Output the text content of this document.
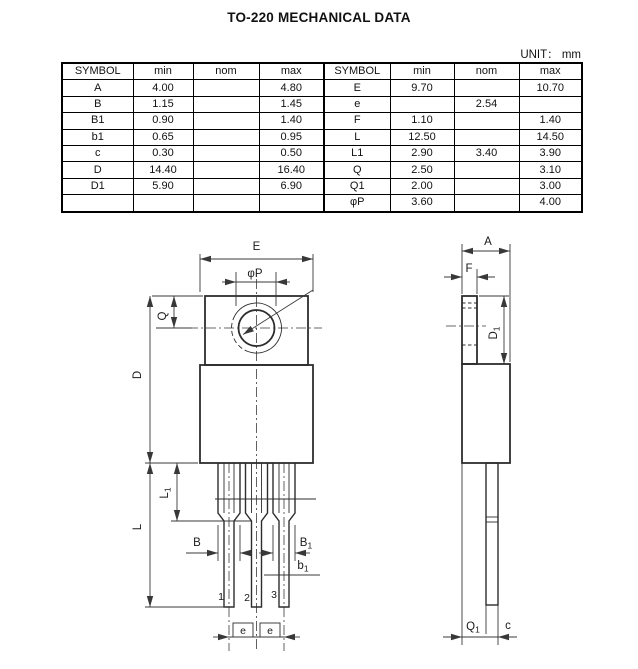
TO-220 MECHANICAL DATA
UNIT： mm
SYMBOL	min	nom	max	SYMBOL	min	nom	max
A	4.00		4.80	E	9.70		10.70
B	1.15		1.45	e		2.54	
B1	0.90		1.40	F	1.10		1.40
b1	0.65		0.95	L	12.50		14.50
c	0.30		0.50	L1	2.90	3.40	3.90
D	14.40		16.40	Q	2.50		3.10
D1	5.90		6.90	Q1	2.00		3.00
				φP	3.60		4.00
E
φP
Q
D
L
$L_1$
B	$B_1$
$b_1$
1 2 3
e e
A
F
$D_1$
$Q_1$ c
